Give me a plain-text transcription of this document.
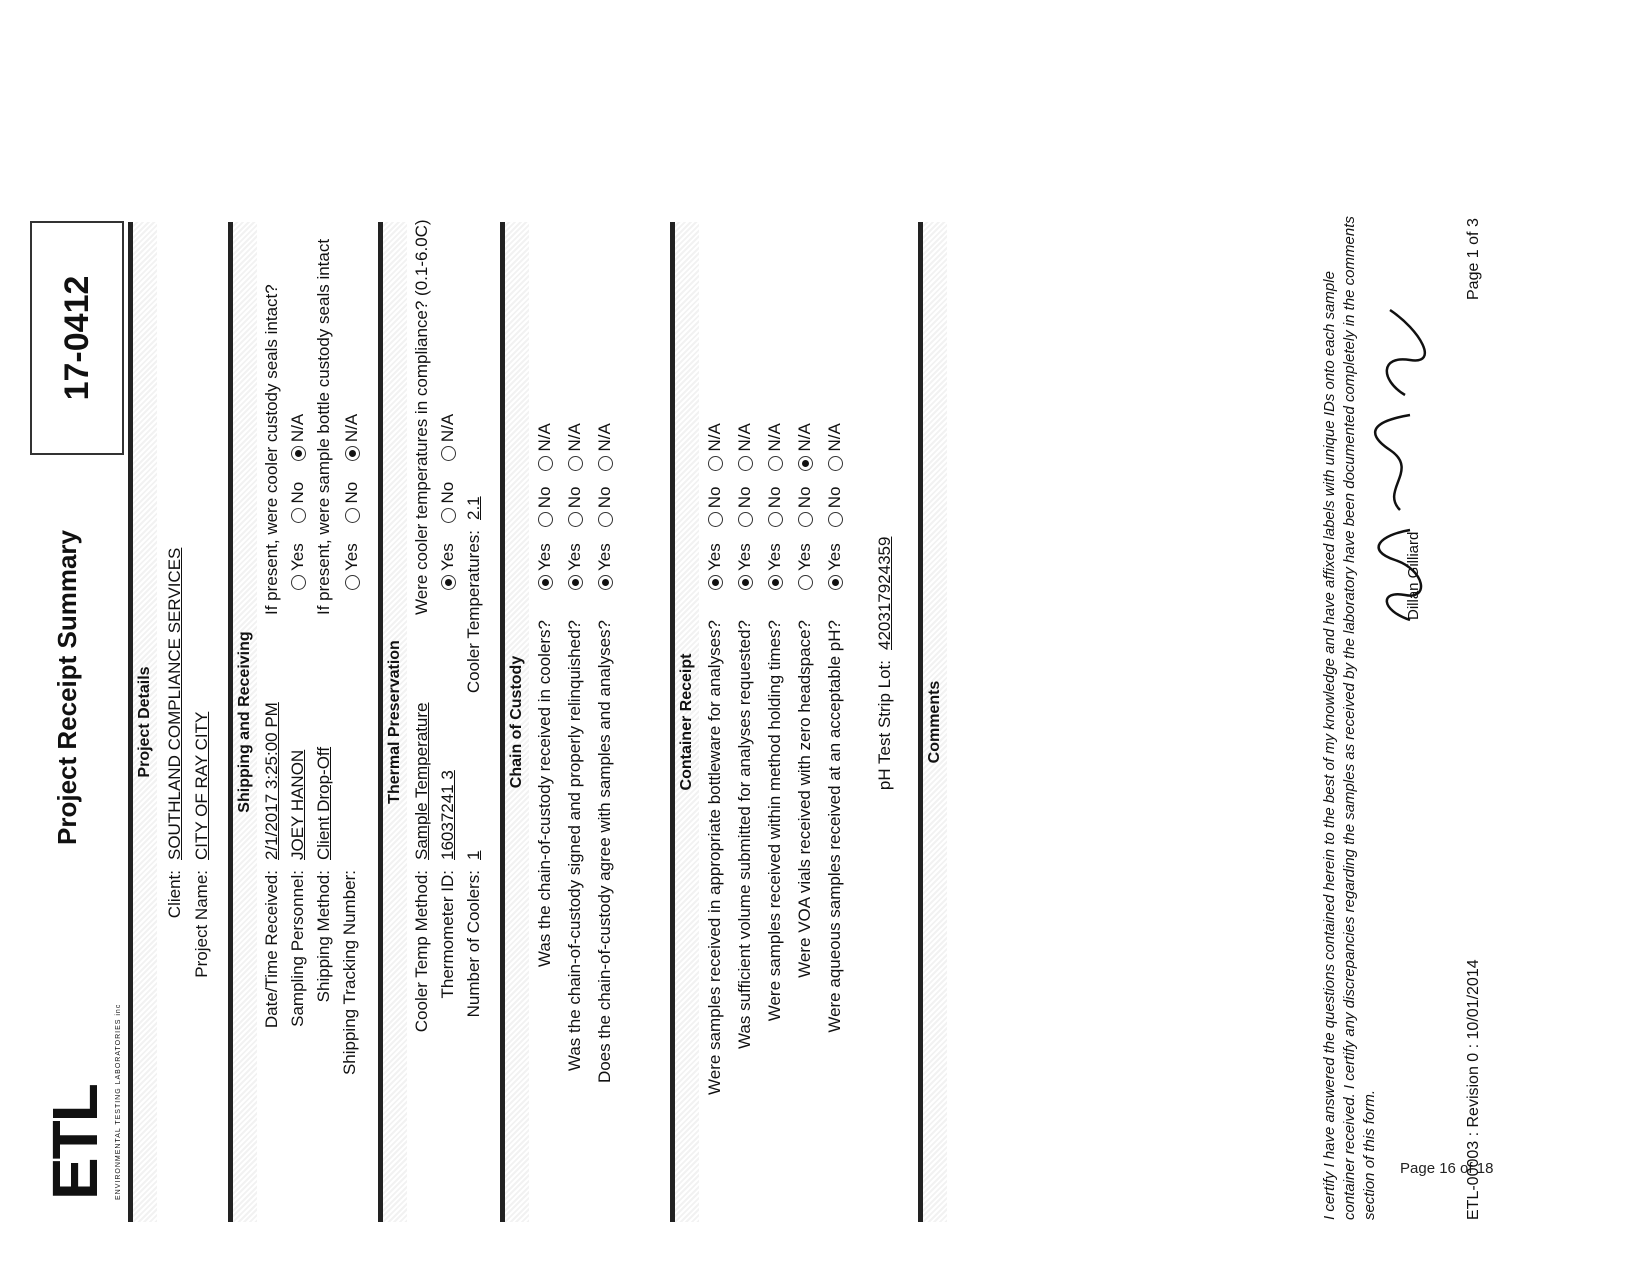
Page 16 of 18
ETL ENVIRONMENTAL TESTING LABORATORIES inc
Project Receipt Summary
17-0412
Project Details
Client:
SOUTHLAND COMPLIANCE SERVICES
Project Name:
CITY OF RAY CITY Shipping and Receiving
Date/Time Received:
2/1/2017 3:25:00 PM
If present, were cooler custody seals intact?
Sampling Personnel:
JOEY HANON
Yes No N/A
Shipping Method:
Client Drop-Off
If present, were sample bottle custody seals intact
Shipping Tracking Number:
Yes No N/A
Thermal Preservation
Cooler Temp Method:
Sample Temperature
Were cooler temperatures in compliance? (0.1-6.0C)
Thermometer ID:
16037241 3
Yes No N/A
Number of Coolers:
1
Cooler Temperatures:
2.1
Chain of Custody Was the chain-of-custody received in coolers?
YesNoN/A
Was the chain-of-custody signed and properly relinquished?
YesNoN/A
Does the chain-of-custody agree with samples and analyses?
YesNoN/A
Container Receipt Were samples received in appropriate bottleware for analyses?
YesNoN/A
Was sufficient volume submitted for analyses requested?
YesNoN/A
Were samples received within method holding times?
YesNoN/A
Were VOA vials received with zero headspace?
YesNoN/A
Were aqueous samples received at an acceptable pH?
YesNoN/A
pH Test Strip Lot:
420317924359
Comments	I certify I have answered the questions contained herein to the best of my knowledge and have affixed labels with unique IDs onto each sample container received. I certify any discrepancies regarding the samples as received by the laboratory have been documented completely in the comments section of this form.
Dillan Gilliard
ETL-00003 : Revision 0 : 10/01/2014
Page 1 of 3
